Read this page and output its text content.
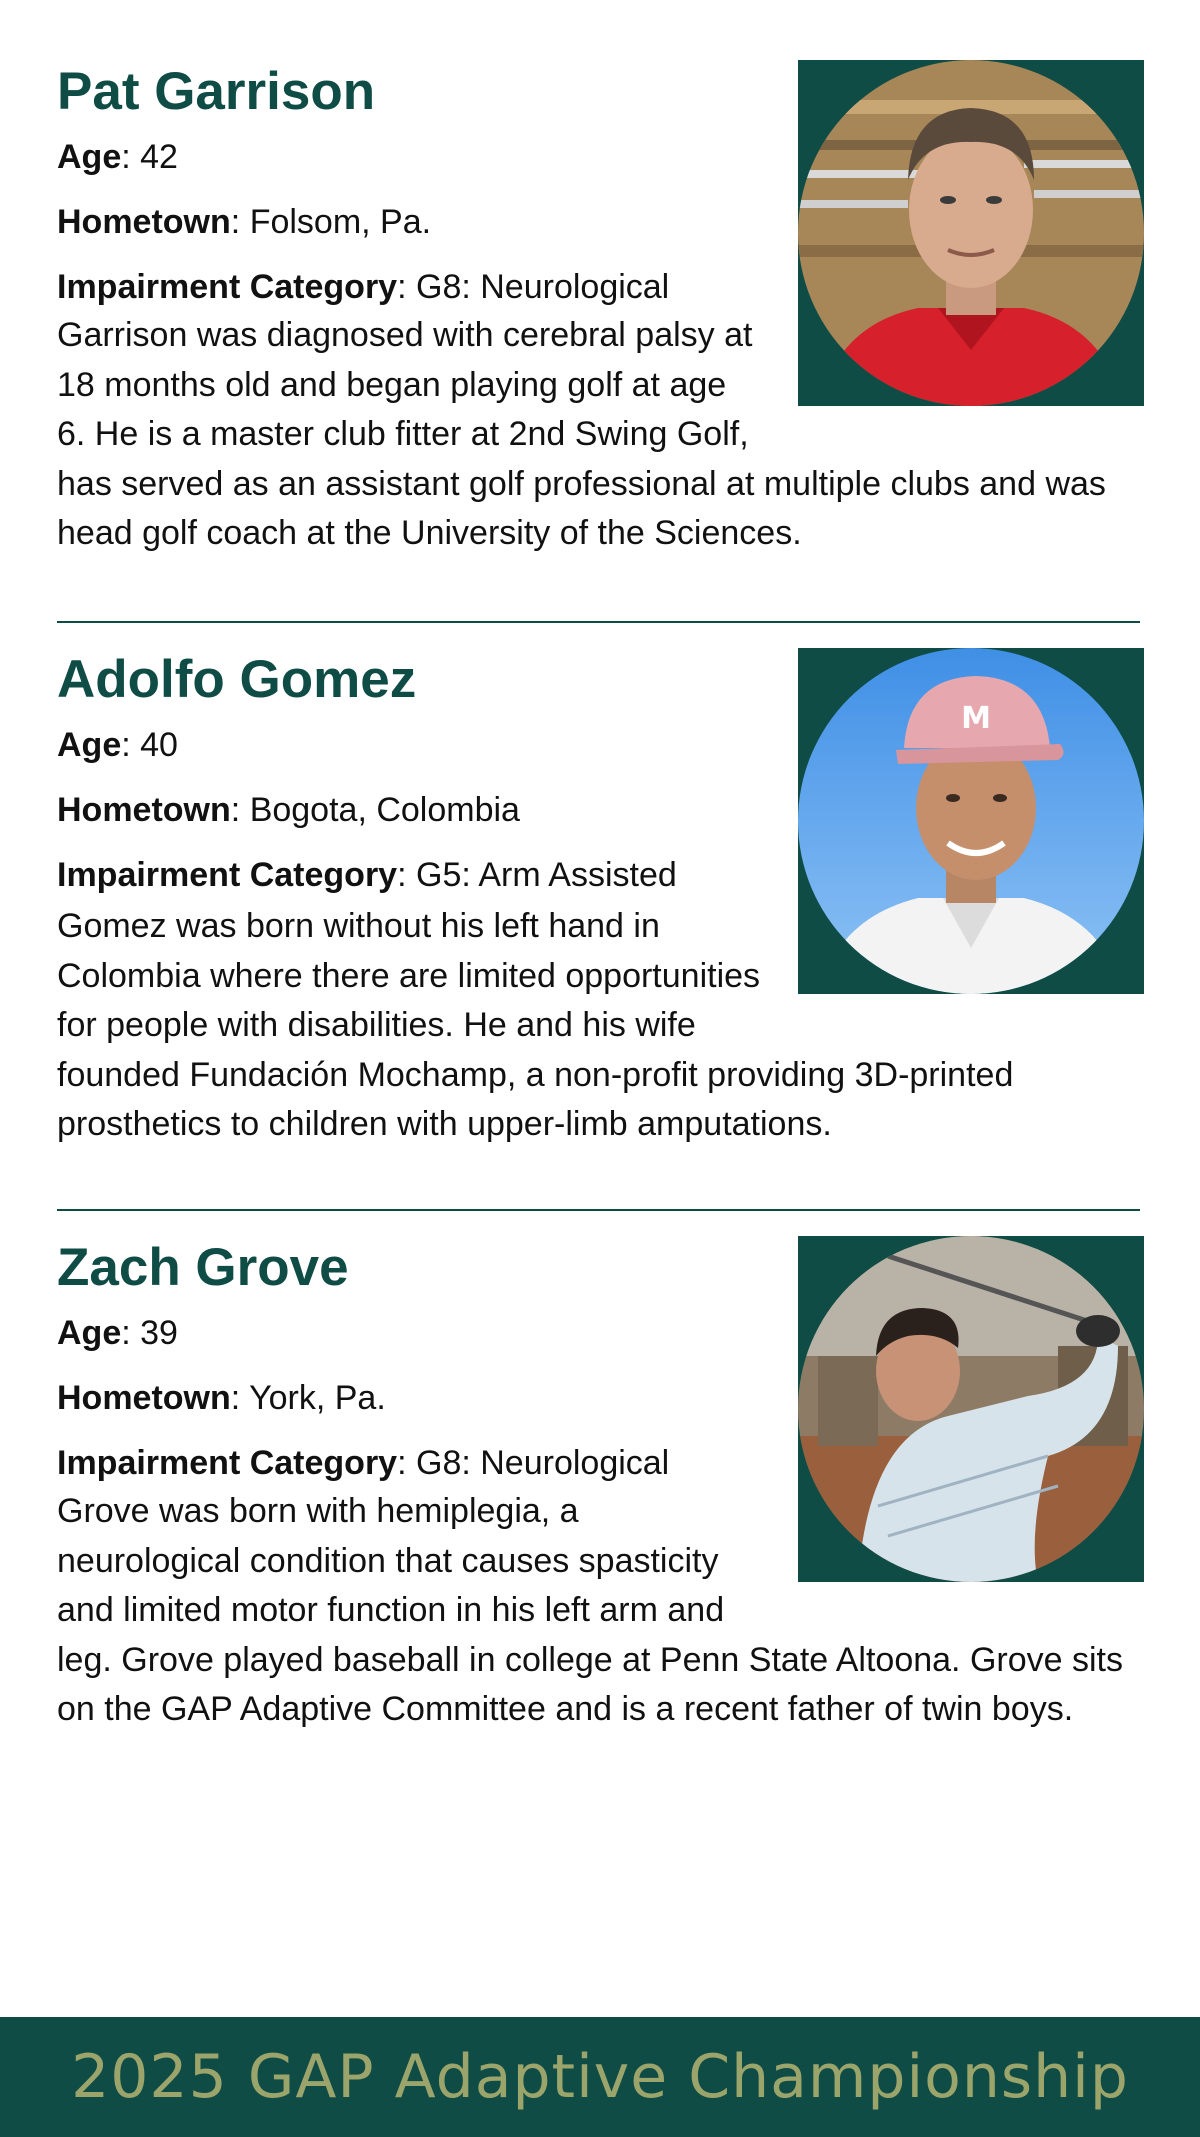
Pat Garrison

Age: 42

Hometown: Folsom, Pa.

Impairment Category: G8: Neurological

Garrison was diagnosed with cerebral palsy at 18 months old and began playing golf at age 6. He is a master club fitter at 2nd Swing Golf, has served as an assistant golf professional at multiple clubs and was head golf coach at the University of the Sciences.

M
Adolfo Gomez

Age: 40

Hometown: Bogota, Colombia

Impairment Category: G5: Arm Assisted

Gomez was born without his left hand in Colombia where there are limited opportunities for people with disabilities. He and his wife founded Fundación Mochamp, a non-profit providing 3D-printed prosthetics to children with upper-limb amputations.

Zach Grove

Age: 39

Hometown: York, Pa.

Impairment Category: G8: Neurological

Grove was born with hemiplegia, a neurological condition that causes spasticity and limited motor function in his left arm and leg. Grove played baseball in college at Penn State Altoona. Grove sits on the GAP Adaptive Committee and is a recent father of twin boys.

2025 GAP Adaptive Championship
